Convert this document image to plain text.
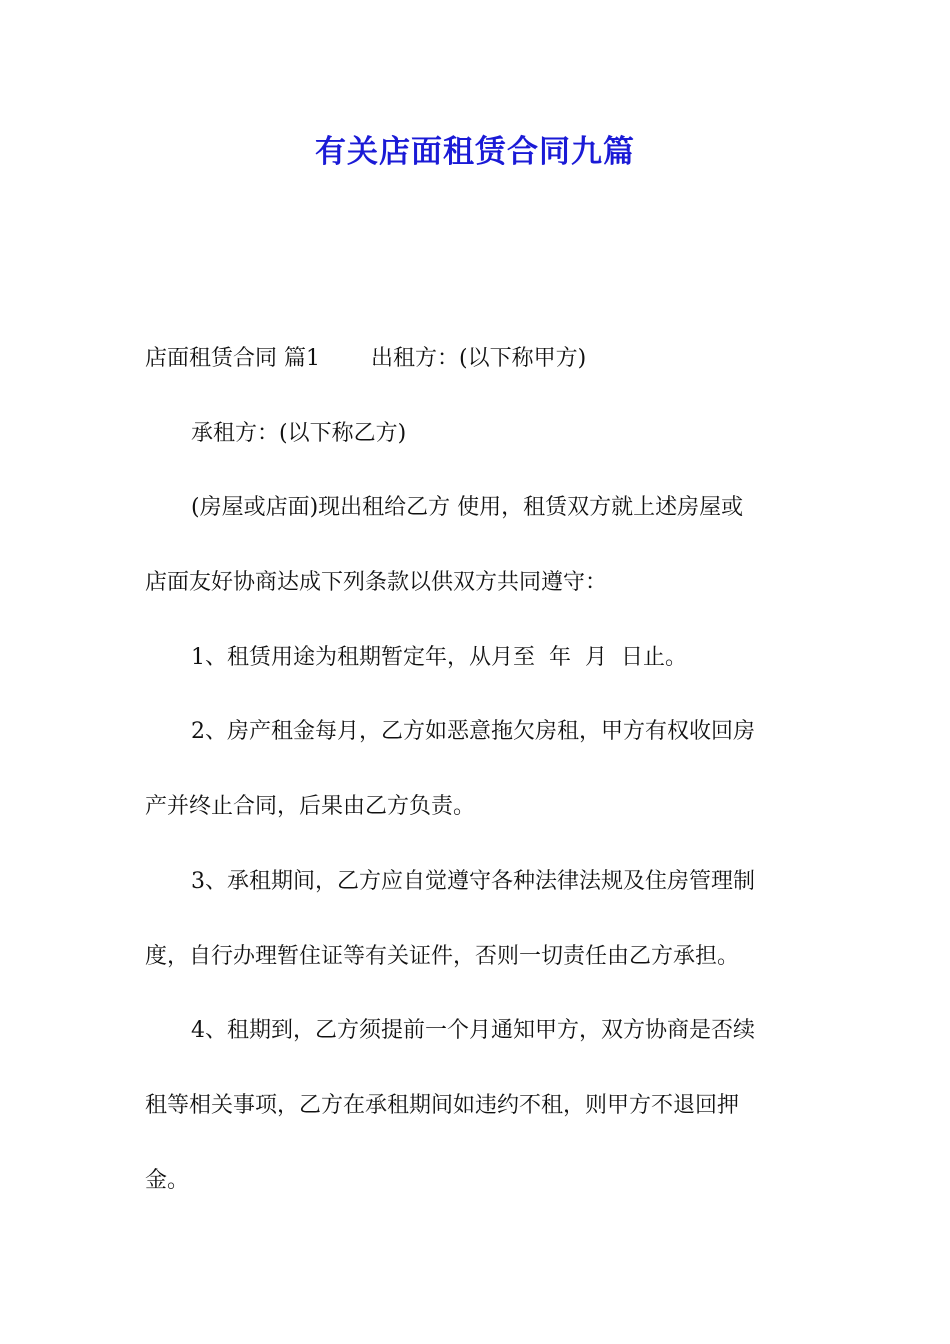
有关店面租赁合同九篇
店面租赁合同 篇1　　 出租方：(以下称甲方)
承租方：(以下称乙方)
(房屋或店面)现出租给乙方 使用，租赁双方就上述房屋或
店面友好协商达成下列条款以供双方共同遵守：
1、租赁用途为租期暂定年，从月至  年  月  日止。
2、房产租金每月，乙方如恶意拖欠房租，甲方有权收回房
产并终止合同，后果由乙方负责。
3、承租期间，乙方应自觉遵守各种法律法规及住房管理制
度，自行办理暂住证等有关证件，否则一切责任由乙方承担。
4、租期到，乙方须提前一个月通知甲方，双方协商是否续
租等相关事项，乙方在承租期间如违约不租，则甲方不退回押
金。
